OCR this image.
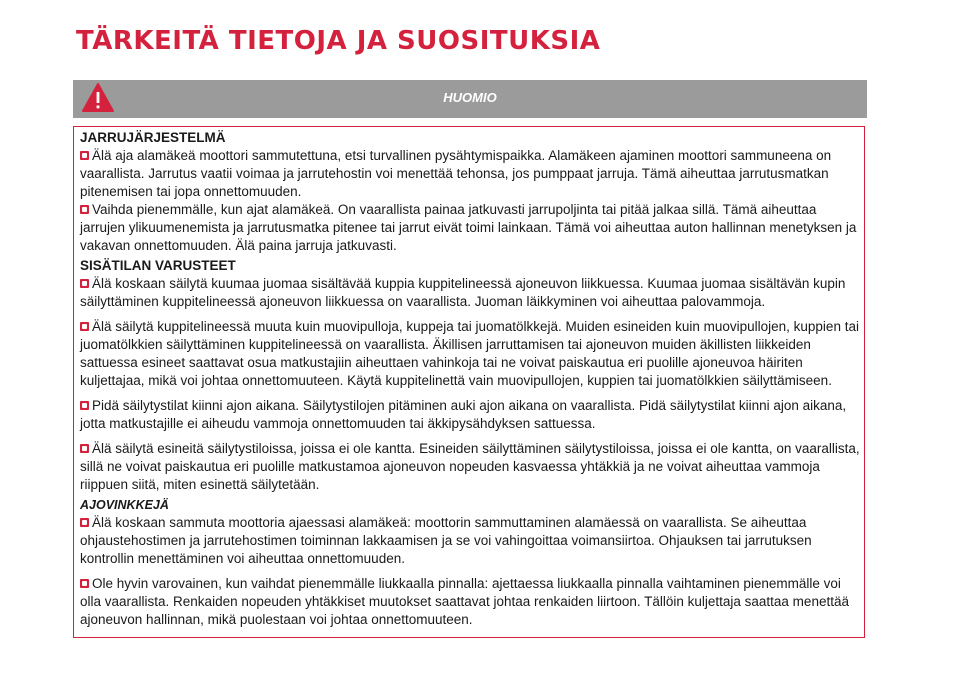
TÄRKEITÄ TIETOJA JA SUOSITUKSIA
HUOMIO

JARRUJÄRJESTELMÄ

Älä aja alamäkeä moottori sammutettuna, etsi turvallinen pysähtymispaikka. Alamäkeen ajaminen moottori sammuneena on vaarallista. Jarrutus vaatii voimaa ja jarrutehostin voi menettää tehonsa, jos pumppaat jarruja. Tämä aiheuttaa jarrutusmatkan pitenemisen tai jopa onnettomuuden.

Vaihda pienemmälle, kun ajat alamäkeä. On vaarallista painaa jatkuvasti jarrupoljinta tai pitää jalkaa sillä. Tämä aiheuttaa jarrujen ylikuumenemista ja jarrutusmatka pitenee tai jarrut eivät toimi lainkaan. Tämä voi aiheuttaa auton hallinnan menetyksen ja vakavan onnettomuuden. Älä paina jarruja jatkuvasti.

SISÄTILAN VARUSTEET

Älä koskaan säilytä kuumaa juomaa sisältävää kuppia kuppitelineessä ajoneuvon liikkuessa. Kuumaa juomaa sisältävän kupin säilyttäminen kuppitelineessä ajoneuvon liikkuessa on vaarallista. Juoman läikkyminen voi aiheuttaa palovammoja.

Älä säilytä kuppitelineessä muuta kuin muovipulloja, kuppeja tai juomatölkkejä. Muiden esineiden kuin muovipullojen, kuppien tai juomatölkkien säilyttäminen kuppitelineessä on vaarallista. Äkillisen jarruttamisen tai ajoneuvon muiden äkillisten liikkeiden sattuessa esineet saattavat osua matkustajiin aiheuttaen vahinkoja tai ne voivat paiskautua eri puolille ajoneuvoa häiriten kuljettajaa, mikä voi johtaa onnettomuuteen. Käytä kuppitelinettä vain muovipullojen, kuppien tai juomatölkkien säilyttämiseen.

Pidä säilytystilat kiinni ajon aikana. Säilytystilojen pitäminen auki ajon aikana on vaarallista. Pidä säilytystilat kiinni ajon aikana, jotta matkustajille ei aiheudu vammoja onnettomuuden tai äkkipysähdyksen sattuessa.

Älä säilytä esineitä säilytystiloissa, joissa ei ole kantta. Esineiden säilyttäminen säilytystiloissa, joissa ei ole kantta, on vaarallista, sillä ne voivat paiskautua eri puolille matkustamoa ajoneuvon nopeuden kasvaessa yhtäkkiä ja ne voivat aiheuttaa vammoja riippuen siitä, miten esinettä säilytetään.

AJOVINKKEJÄ

Älä koskaan sammuta moottoria ajaessasi alamäkeä: moottorin sammuttaminen alamäessä on vaarallista. Se aiheuttaa ohjaustehostimen ja jarrutehostimen toiminnan lakkaamisen ja se voi vahingoittaa voimansiirtoa. Ohjauksen tai jarrutuksen kontrollin menettäminen voi aiheuttaa onnettomuuden.

Ole hyvin varovainen, kun vaihdat pienemmälle liukkaalla pinnalla: ajettaessa liukkaalla pinnalla vaihtaminen pienemmälle voi olla vaarallista. Renkaiden nopeuden yhtäkkiset muutokset saattavat johtaa renkaiden liirtoon. Tällöin kuljettaja saattaa menettää ajoneuvon hallinnan, mikä puolestaan voi johtaa onnettomuuteen.
